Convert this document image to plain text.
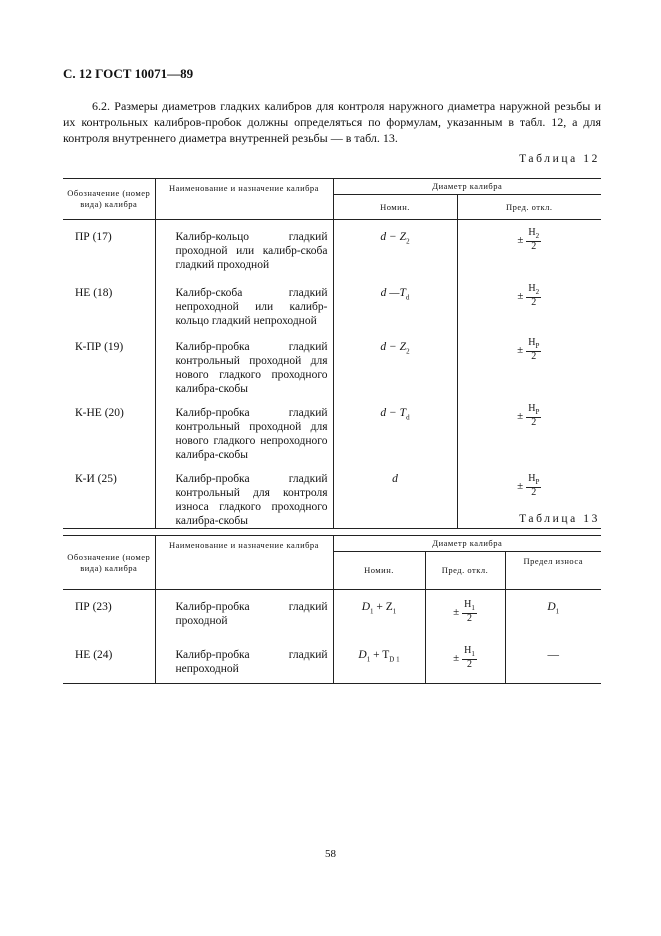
С. 12 ГОСТ 10071—89
6.2. Размеры диаметров гладких калибров для контроля наружного диаметра наружной резьбы и их контрольных калибров-пробок должны определяться по формулам, указанным в табл. 12, а для контроля внутреннего диаметра внутренней резьбы — в табл. 13.
Таблица 12
Обозначение (номер вида) калибра	Наименование и назначение калибра	Диаметр калибра	
		Номин.	Пред. откл.
ПР (17)	Калибр-кольцо гладкий проходной или калибр-скоба гладкий проходной	$d - Z_2$	± $\frac{H_2}{2}$

НЕ (18)	Калибр-скоба гладкий непроходной или калибр-кольцо гладкий непроходной	d $—T_d$	± $\frac{H_2}{2}$

К-ПР (19)	Калибр-пробка гладкий контрольный проходной для нового гладкого проходного калибра-скобы	$d - Z_2$	± $\frac{H_P}{2}$

К-НЕ (20)	Калибр-пробка гладкий контрольный проходной для нового гладкого непроходного калибра-скобы	$d - T_d$	± $\frac{H_P}{2}$

К-И (25)	Калибр-пробка гладкий контрольный для контроля износа гладкого проходного калибра-скобы	d	± $\frac{H_P}{2}$
Таблица 13
Обозначение (номер вида) калибра	Наименование и назначение калибра	Диаметр калибра		
		Номин.	Пред. откл.	Предел износа
ПР (23)	Калибр-пробка гладкий проходной	$D_1 + Z_1$	± $\frac{H_1}{2}$	$D_1$
НЕ (24)	Калибр-пробка гладкий непроходной	$D_1 + T_{D 1}$	± $\frac{H_1}{2}$	—
58
